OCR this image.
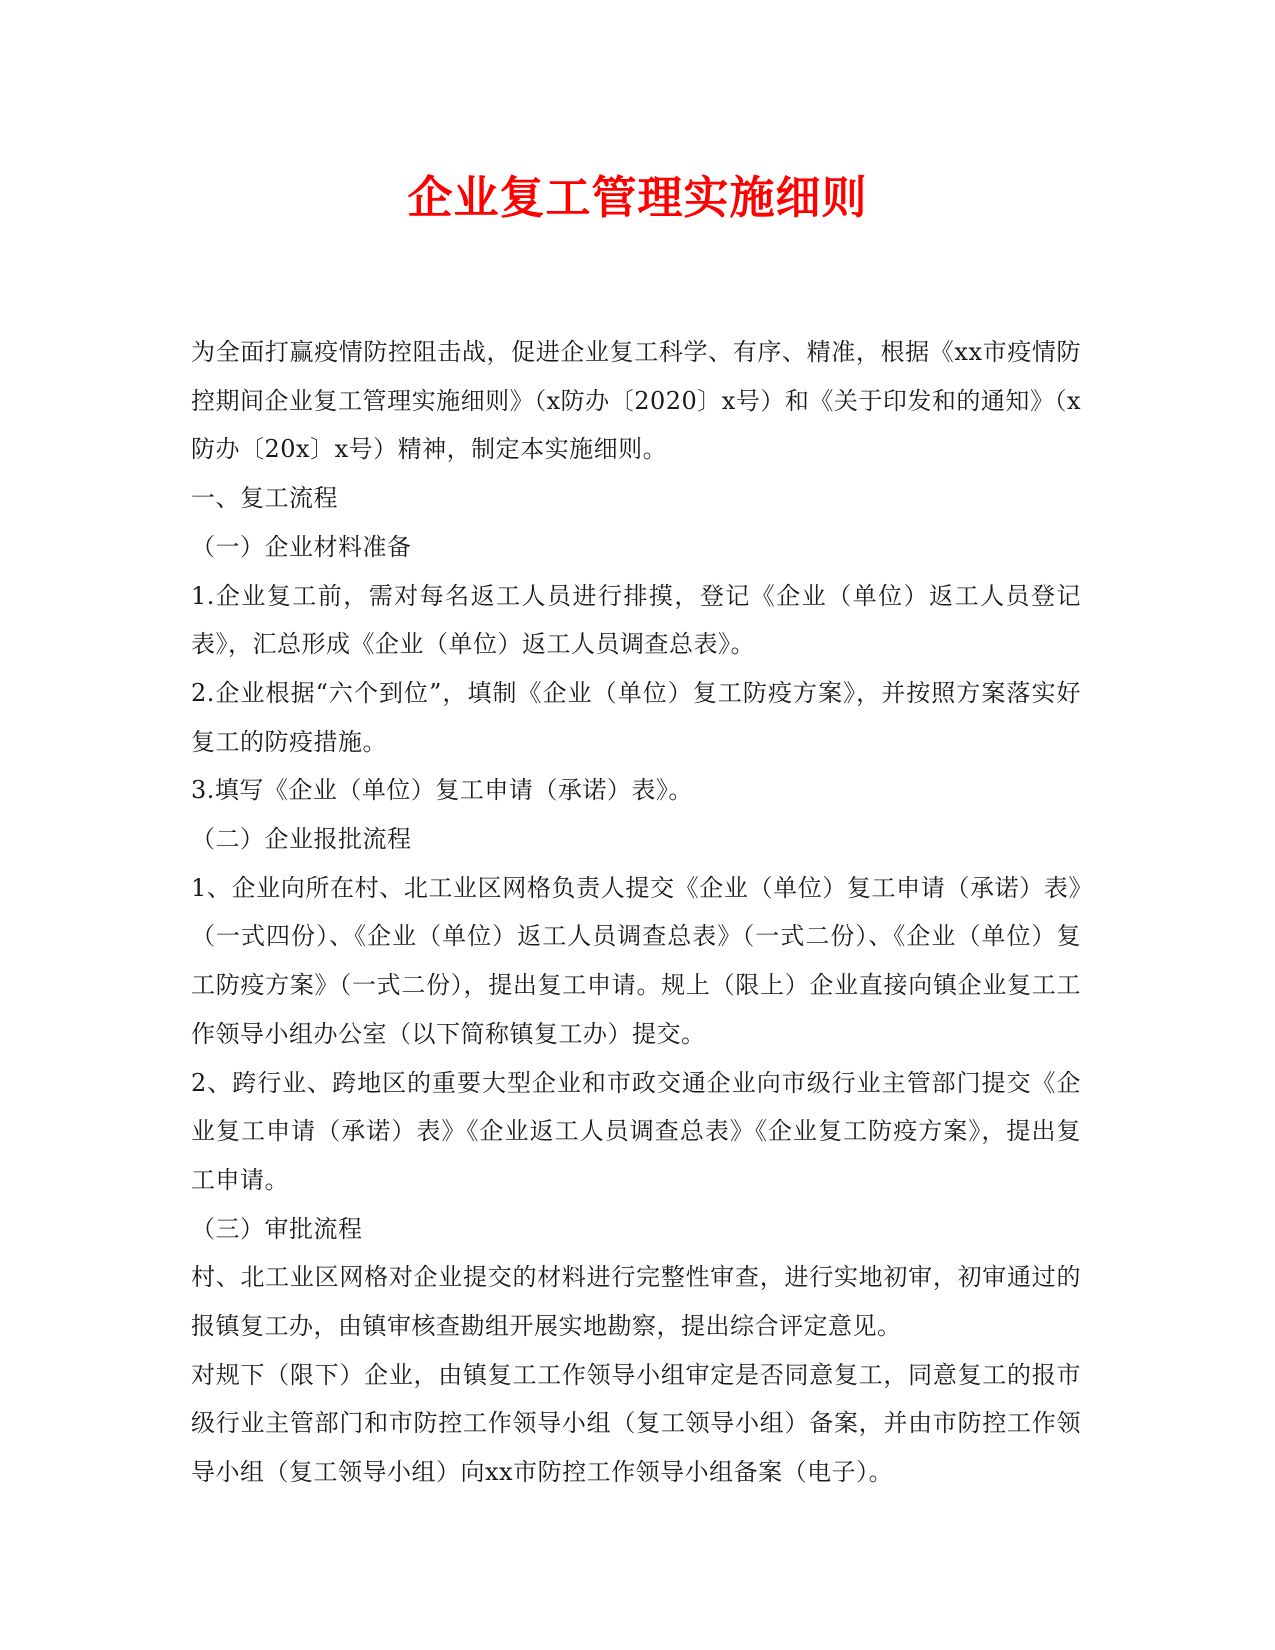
企业复工管理实施细则

为全面打赢疫情防控阻击战，促进企业复工科学、有序、精准，根据《xx市疫情防控期间企业复工管理实施细则》（x防办〔2020〕x号）和《关于印发和的通知》（x防办〔20x〕x号）精神，制定本实施细则。

一、复工流程

（一）企业材料准备

1.企业复工前，需对每名返工人员进行排摸，登记《企业（单位）返工人员登记表》，汇总形成《企业（单位）返工人员调查总表》。

2.企业根据“六个到位”，填制《企业（单位）复工防疫方案》，并按照方案落实好复工的防疫措施。

3.填写《企业（单位）复工申请（承诺）表》。

（二）企业报批流程

1、企业向所在村、北工业区网格负责人提交《企业（单位）复工申请（承诺）表》（一式四份）、《企业（单位）返工人员调查总表》（一式二份）、《企业（单位）复工防疫方案》（一式二份），提出复工申请。规上（限上）企业直接向镇企业复工工作领导小组办公室（以下简称镇复工办）提交。

2、跨行业、跨地区的重要大型企业和市政交通企业向市级行业主管部门提交《企业复工申请（承诺）表》《企业返工人员调查总表》《企业复工防疫方案》，提出复工申请。

（三）审批流程

村、北工业区网格对企业提交的材料进行完整性审查，进行实地初审，初审通过的报镇复工办，由镇审核查勘组开展实地勘察，提出综合评定意见。

对规下（限下）企业，由镇复工工作领导小组审定是否同意复工，同意复工的报市级行业主管部门和市防控工作领导小组（复工领导小组）备案，并由市防控工作领导小组（复工领导小组）向xx市防控工作领导小组备案（电子）。
